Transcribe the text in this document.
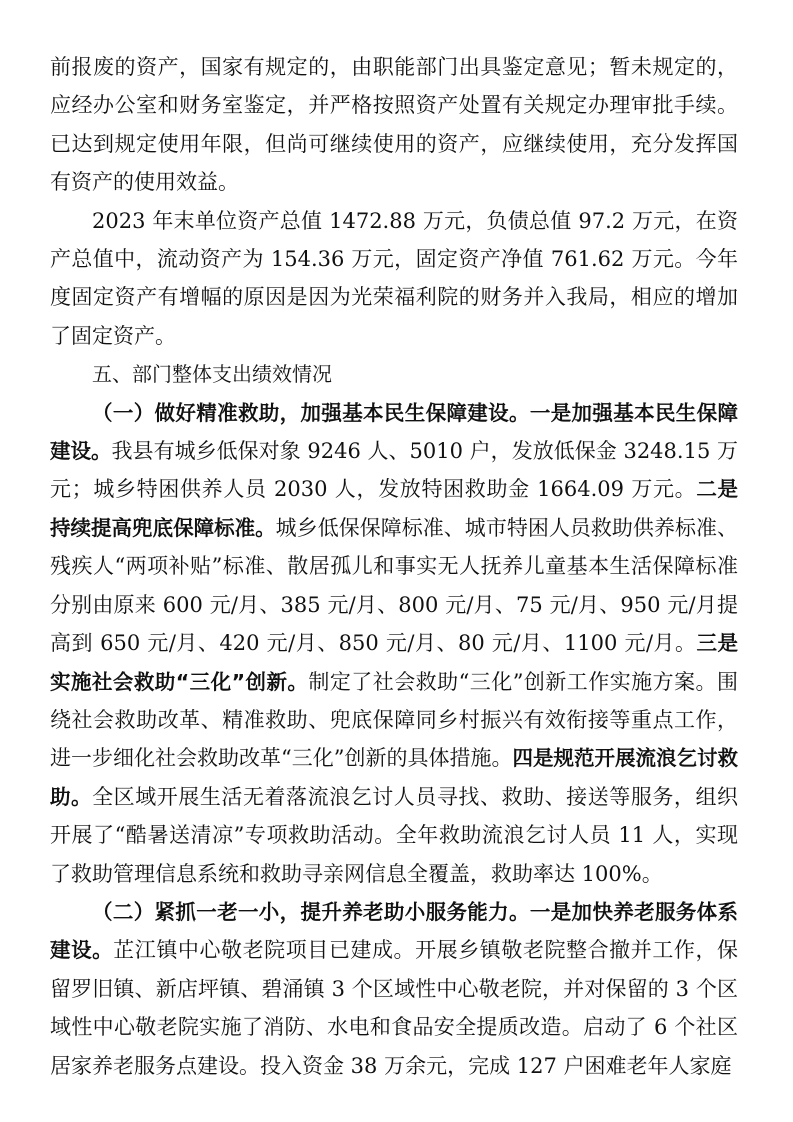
前报废的资产，国家有规定的，由职能部门出具鉴定意见；暂未规定的，应经办公室和财务室鉴定，并严格按照资产处置有关规定办理审批手续。已达到规定使用年限，但尚可继续使用的资产，应继续使用，充分发挥国有资产的使用效益。

2023 年末单位资产总值 1472.88 万元，负债总值 97.2 万元，在资产总值中，流动资产为 154.36 万元，固定资产净值 761.62 万元。今年度固定资产有增幅的原因是因为光荣福利院的财务并入我局，相应的增加了固定资产。

五、部门整体支出绩效情况

（一）做好精准救助，加强基本民生保障建设。一是加强基本民生保障建设。我县有城乡低保对象 9246 人、5010 户，发放低保金 3248.15 万元；城乡特困供养人员 2030 人，发放特困救助金 1664.09 万元。二是持续提高兜底保障标准。城乡低保保障标准、城市特困人员救助供养标准、残疾人“两项补贴”标准、散居孤儿和事实无人抚养儿童基本生活保障标准分别由原来 600 元/月、385 元/月、800 元/月、75 元/月、950 元/月提高到 650 元/月、420 元/月、850 元/月、80 元/月、1100 元/月。三是实施社会救助“三化”创新。制定了社会救助“三化”创新工作实施方案。围绕社会救助改革、精准救助、兜底保障同乡村振兴有效衔接等重点工作，进一步细化社会救助改革“三化”创新的具体措施。四是规范开展流浪乞讨救助。全区域开展生活无着落流浪乞讨人员寻找、救助、接送等服务，组织开展了“酷暑送清凉”专项救助活动。全年救助流浪乞讨人员 11 人，实现了救助管理信息系统和救助寻亲网信息全覆盖，救助率达 100%。

（二）紧抓一老一小，提升养老助小服务能力。一是加快养老服务体系建设。芷江镇中心敬老院项目已建成。开展乡镇敬老院整合撤并工作，保留罗旧镇、新店坪镇、碧涌镇 3 个区域性中心敬老院，并对保留的 3 个区域性中心敬老院实施了消防、水电和食品安全提质改造。启动了 6 个社区居家养老服务点建设。投入资金 38 万余元，完成 127 户困难老年人家庭
